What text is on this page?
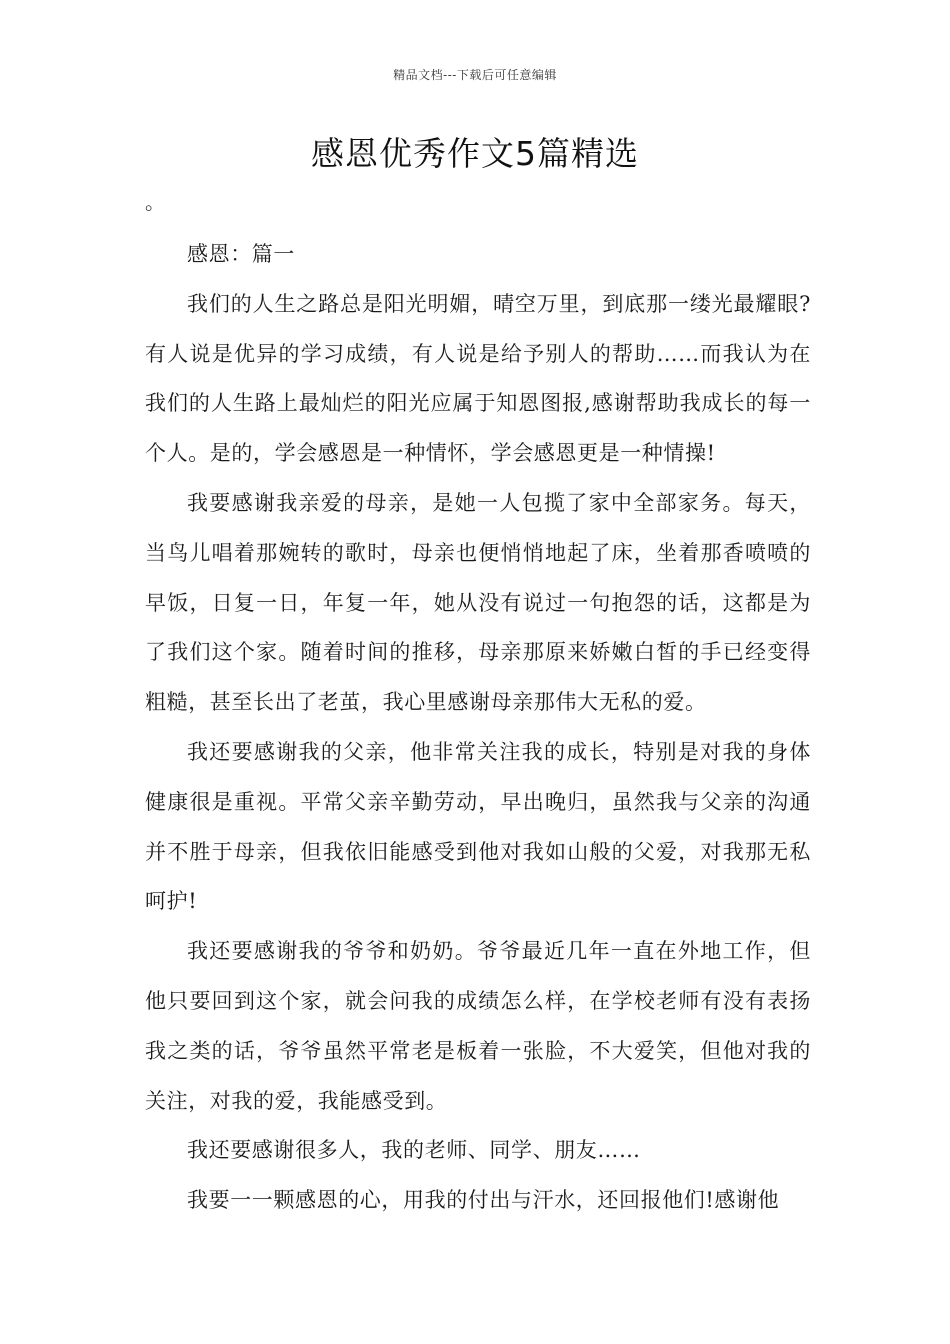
精品文档---下载后可任意编辑
感恩优秀作文5篇精选
。

感恩：篇一

我们的人生之路总是阳光明媚，晴空万里，到底那一缕光最耀眼?有人说是优异的学习成绩，有人说是给予别人的帮助……而我认为在我们的人生路上最灿烂的阳光应属于知恩图报,感谢帮助我成长的每一个人。是的，学会感恩是一种情怀，学会感恩更是一种情操!

我要感谢我亲爱的母亲，是她一人包揽了家中全部家务。每天，当鸟儿唱着那婉转的歌时，母亲也便悄悄地起了床，坐着那香喷喷的早饭，日复一日，年复一年，她从没有说过一句抱怨的话，这都是为了我们这个家。随着时间的推移，母亲那原来娇嫩白皙的手已经变得粗糙，甚至长出了老茧，我心里感谢母亲那伟大无私的爱。

我还要感谢我的父亲，他非常关注我的成长，特别是对我的身体健康很是重视。平常父亲辛勤劳动，早出晚归，虽然我与父亲的沟通并不胜于母亲，但我依旧能感受到他对我如山般的父爱，对我那无私呵护!

我还要感谢我的爷爷和奶奶。爷爷最近几年一直在外地工作，但他只要回到这个家，就会问我的成绩怎么样，在学校老师有没有表扬我之类的话，爷爷虽然平常老是板着一张脸，不大爱笑，但他对我的关注，对我的爱，我能感受到。

我还要感谢很多人，我的老师、同学、朋友……

我要一一颗感恩的心，用我的付出与汗水，还回报他们!感谢他
